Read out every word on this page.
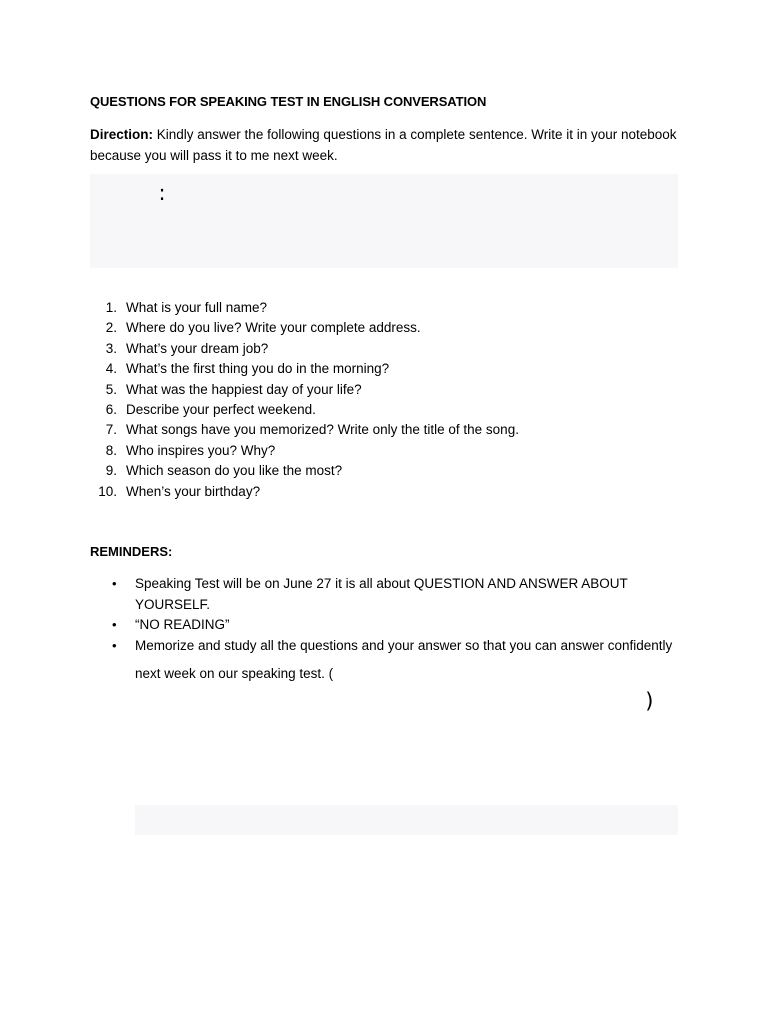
QUESTIONS FOR SPEAKING TEST IN ENGLISH CONVERSATION
Direction: Kindly answer the following questions in a complete sentence. Write it in your notebook because you will pass it to me next week.
𝅙𝅙𝅙𝅙𝅙𝅙𝅙𝅙𝅙: 𝅙𝅙𝅙𝅙𝅙𝅙𝅙𝅙𝅙𝅙𝅙𝅙𝅙𝅙𝅙𝅙𝅙𝅙𝅙𝅙𝅙𝅙𝅙𝅙𝅙𝅙𝅙𝅙𝅙𝅙𝅙𝅙𝅙𝅙𝅙𝅙𝅙𝅙𝅙𝅙𝅙𝅙𝅙 𝅙𝅙𝅙𝅙𝅙𝅙 𝅙𝅙𝅙𝅙𝅙𝅙𝅙𝅙𝅙𝅙𝅙𝅙𝅙𝅙𝅙𝅙𝅙𝅙𝅙𝅙𝅙𝅙𝅙𝅙𝅙𝅙𝅙𝅙𝅙𝅙𝅙𝅙𝅙𝅙𝅙𝅙𝅙𝅙𝅙𝅙𝅙𝅙𝅙𝅙𝅙𝅙𝅙𝅙𝅙𝅙𝅙𝅙𝅙𝅙𝅙𝅙𝅙𝅙𝅙𝅙𝅙𝅙𝅙𝅙𝅙𝅙𝅙𝅙𝅙𝅙𝅙𝅙𝅙𝅙𝅙𝅙𝅙𝅙𝅙𝅙𝅙𝅙
1. What is your full name?
2. Where do you live? Write your complete address.
3. What’s your dream job?
4. What’s the first thing you do in the morning?
5. What was the happiest day of your life?
6. Describe your perfect weekend.
7. What songs have you memorized? Write only the title of the song.
8. Who inspires you? Why?
9. Which season do you like the most?
10. When’s your birthday?
REMINDERS:
• Speaking Test will be on June 27 it is all about QUESTION AND ANSWER ABOUT YOURSELF.
• “NO READING”
• Memorize and study all the questions and your answer so that you can answer confidently next week on our speaking test. (𝅙𝅙𝅙𝅙𝅙𝅙𝅙𝅙𝅙𝅙𝅙𝅙𝅙𝅙𝅙𝅙𝅙𝅙𝅙𝅙𝅙𝅙𝅙𝅙𝅙𝅙𝅙𝅙𝅙𝅙𝅙𝅙𝅙𝅙𝅙𝅙𝅙𝅙𝅙𝅙 𝅙𝅙𝅙𝅙𝅙𝅙𝅙𝅙𝅙𝅙𝅙𝅙𝅙𝅙𝅙𝅙𝅙𝅙𝅙𝅙𝅙𝅙𝅙𝅙𝅙𝅙𝅙𝅙𝅙𝅙𝅙𝅙𝅙𝅙𝅙𝅙𝅙𝅙𝅙𝅙𝅙𝅙𝅙𝅙𝅙𝅙𝅙𝅙𝅙𝅙𝅙𝅙𝅙𝅙𝅙𝅙𝅙𝅙𝅙𝅙𝅙𝅙𝅙𝅙𝅙𝅙𝅙𝅙𝅙𝅙)
